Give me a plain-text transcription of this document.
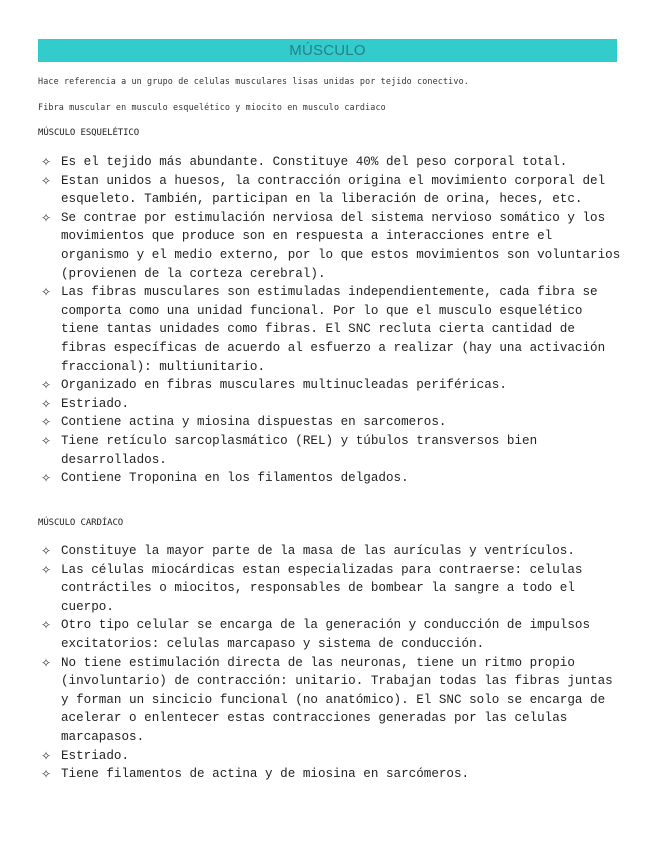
MÚSCULO
Hace referencia a un grupo de celulas musculares lisas unidas por tejido conectivo.
Fibra muscular en musculo esquelético y miocito en musculo cardiaco
MÚSCULO ESQUELÉTICO
✧ Es el tejido más abundante. Constituye 40% del peso corporal total.
✧ Estan unidos a huesos, la contracción origina el movimiento corporal del esqueleto. También, participan en la liberación de orina, heces, etc.
✧ Se contrae por estimulación nerviosa del sistema nervioso somático y los movimientos que produce son en respuesta a interacciones entre el organismo y el medio externo, por lo que estos movimientos son voluntarios (provienen de la corteza cerebral).
✧ Las fibras musculares son estimuladas independientemente, cada fibra se comporta como una unidad funcional. Por lo que el musculo esquelético tiene tantas unidades como fibras. El SNC recluta cierta cantidad de fibras específicas de acuerdo al esfuerzo a realizar (hay una activación fraccional): multiunitario.
✧ Organizado en fibras musculares multinucleadas periféricas.
✧ Estriado.
✧ Contiene actina y miosina dispuestas en sarcomeros.
✧ Tiene retículo sarcoplasmático (REL) y túbulos transversos bien desarrollados.
✧ Contiene Troponina en los filamentos delgados.
MÚSCULO CARDÍACO
✧ Constituye la mayor parte de la masa de las aurículas y ventrículos.
✧ Las células miocárdicas estan especializadas para contraerse: celulas contráctiles o miocitos, responsables de bombear la sangre a todo el cuerpo.
✧ Otro tipo celular se encarga de la generación y conducción de impulsos excitatorios: celulas marcapaso y sistema de conducción.
✧ No tiene estimulación directa de las neuronas, tiene un ritmo propio (involuntario) de contracción: unitario. Trabajan todas las fibras juntas y forman un sincicio funcional (no anatómico). El SNC solo se encarga de acelerar o enlentecer estas contracciones generadas por las celulas marcapasos.
✧ Estriado.
✧ Tiene filamentos de actina y de miosina en sarcómeros.
